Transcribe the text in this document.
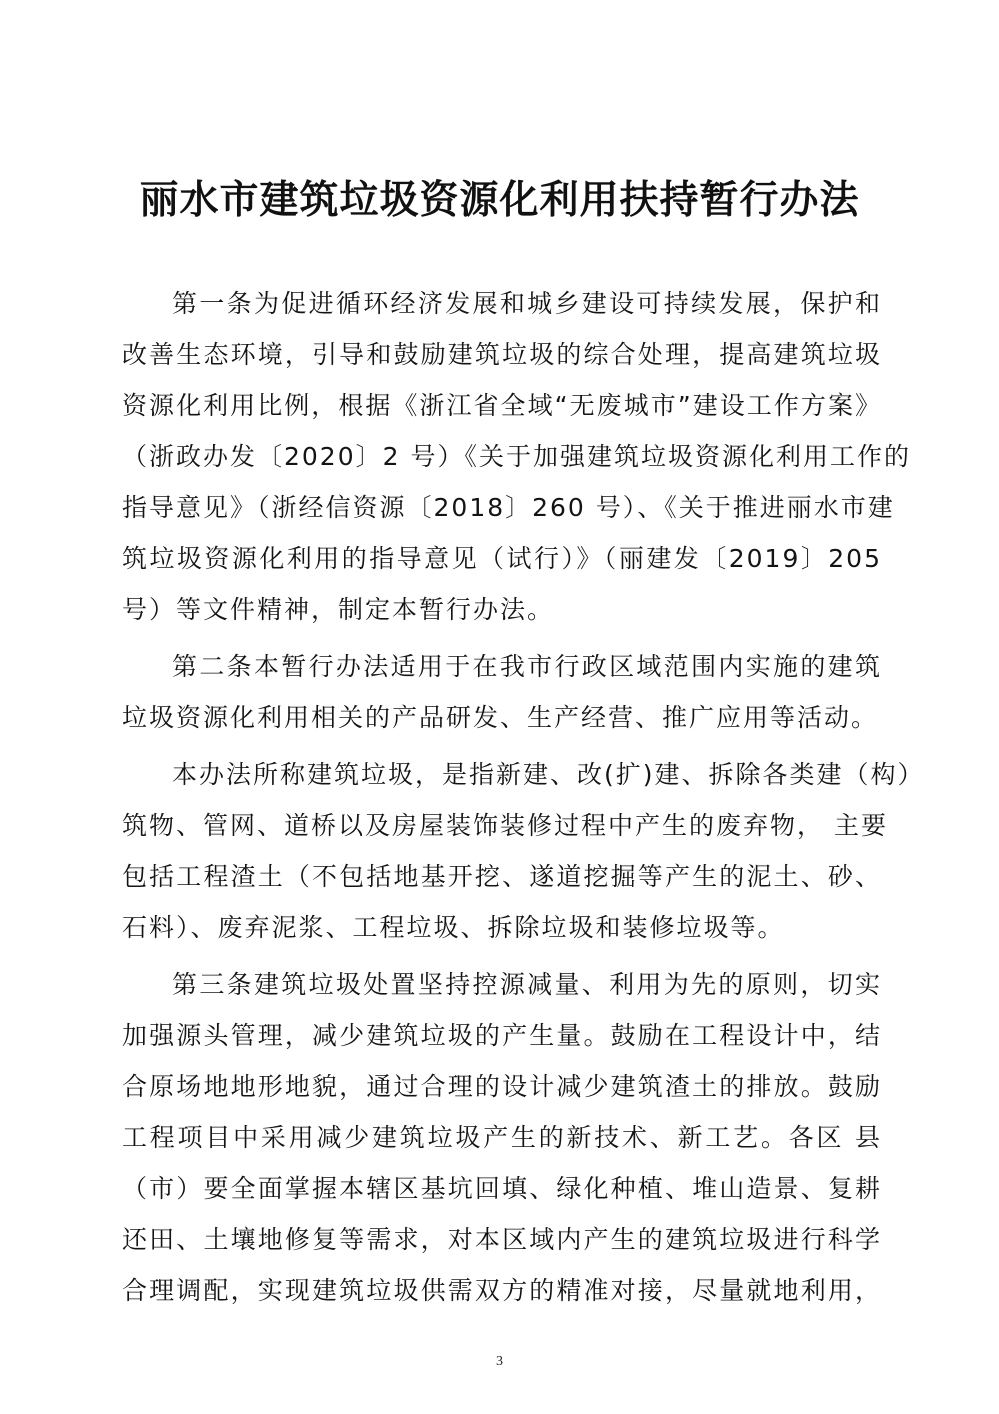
丽水市建筑垃圾资源化利用扶持暂行办法

第一条为促进循环经济发展和城乡建设可持续发展，保护和
改善生态环境，引导和鼓励建筑垃圾的综合处理，提高建筑垃圾
资源化利用比例，根据《浙江省全域“无废城市”建设工作方案》
（浙政办发〔2020〕2 号）《关于加强建筑垃圾资源化利用工作的
指导意见》（浙经信资源〔2018〕260 号）、《关于推进丽水市建
筑垃圾资源化利用的指导意见（试行）》（丽建发〔2019〕205
号）等文件精神，制定本暂行办法。

第二条本暂行办法适用于在我市行政区域范围内实施的建筑
垃圾资源化利用相关的产品研发、生产经营、推广应用等活动。

本办法所称建筑垃圾，是指新建、改(扩)建、拆除各类建（构）
筑物、管网、道桥以及房屋装饰装修过程中产生的废弃物， 主要
包括工程渣土（不包括地基开挖、遂道挖掘等产生的泥土、砂、
石料）、废弃泥浆、工程垃圾、拆除垃圾和装修垃圾等。

第三条建筑垃圾处置坚持控源减量、利用为先的原则，切实
加强源头管理，减少建筑垃圾的产生量。鼓励在工程设计中，结
合原场地地形地貌，通过合理的设计减少建筑渣土的排放。鼓励
工程项目中采用减少建筑垃圾产生的新技术、新工艺。各区 县
（市）要全面掌握本辖区基坑回填、绿化种植、堆山造景、复耕
还田、土壤地修复等需求，对本区域内产生的建筑垃圾进行科学
合理调配，实现建筑垃圾供需双方的精准对接，尽量就地利用，

3
